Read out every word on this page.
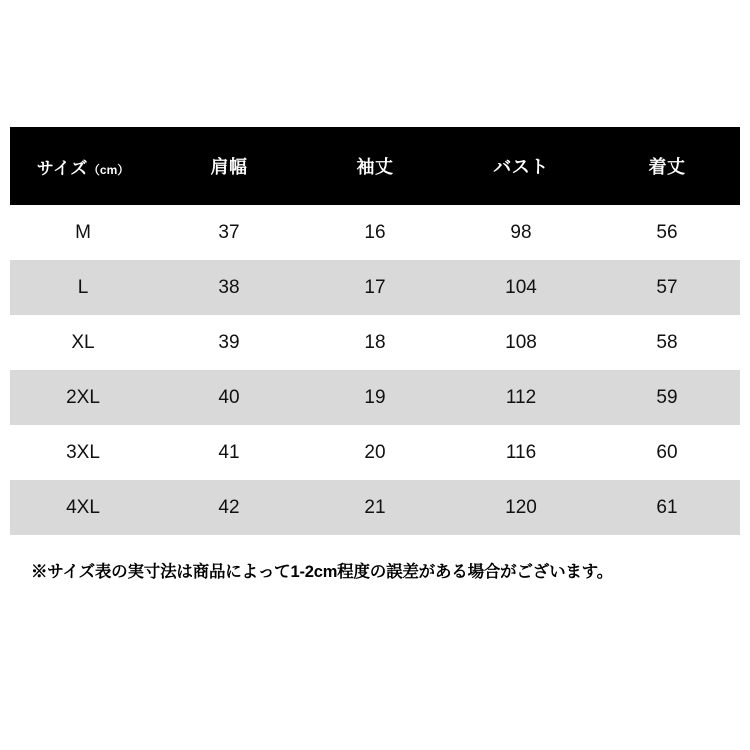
サイズ（cm）	肩幅	袖丈	バスト	着丈
M	37	16	98	56
L	38	17	104	57
XL	39	18	108	58
2XL	40	19	112	59
3XL	41	20	116	60
4XL	42	21	120	61
※サイズ表の実寸法は商品によって1-2cm程度の誤差がある場合がございます。
